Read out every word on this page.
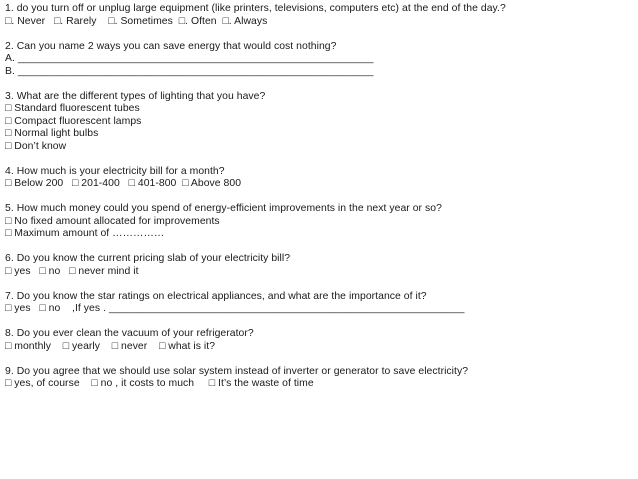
1. do you turn off or unplug large equipment (like printers, televisions, computers etc) at the end of the day.?
□. Never   □. Rarely    □. Sometimes  □. Often  □. Always
2. Can you name 2 ways you can save energy that would cost nothing?
A. _____________________________________________________________
B. _____________________________________________________________
3. What are the different types of lighting that you have?
□ Standard fluorescent tubes
□ Compact fluorescent lamps
□ Normal light bulbs
□ Don’t know
4. How much is your electricity bill for a month?
□ Below 200   □ 201-400   □ 401-800  □ Above 800
5. How much money could you spend of energy-efficient improvements in the next year or so?
□ No fixed amount allocated for improvements
□ Maximum amount of ……………
6. Do you know the current pricing slab of your electricity bill?
□ yes   □ no   □ never mind it
7. Do you know the star ratings on electrical appliances, and what are the importance of it?
□ yes   □ no    ,If yes . _____________________________________________________________
8. Do you ever clean the vacuum of your refrigerator?
□ monthly    □ yearly    □ never    □ what is it?
9. Do you agree that we should use solar system instead of inverter or generator to save electricity?
□ yes, of course    □ no , it costs to much     □ It’s the waste of time
